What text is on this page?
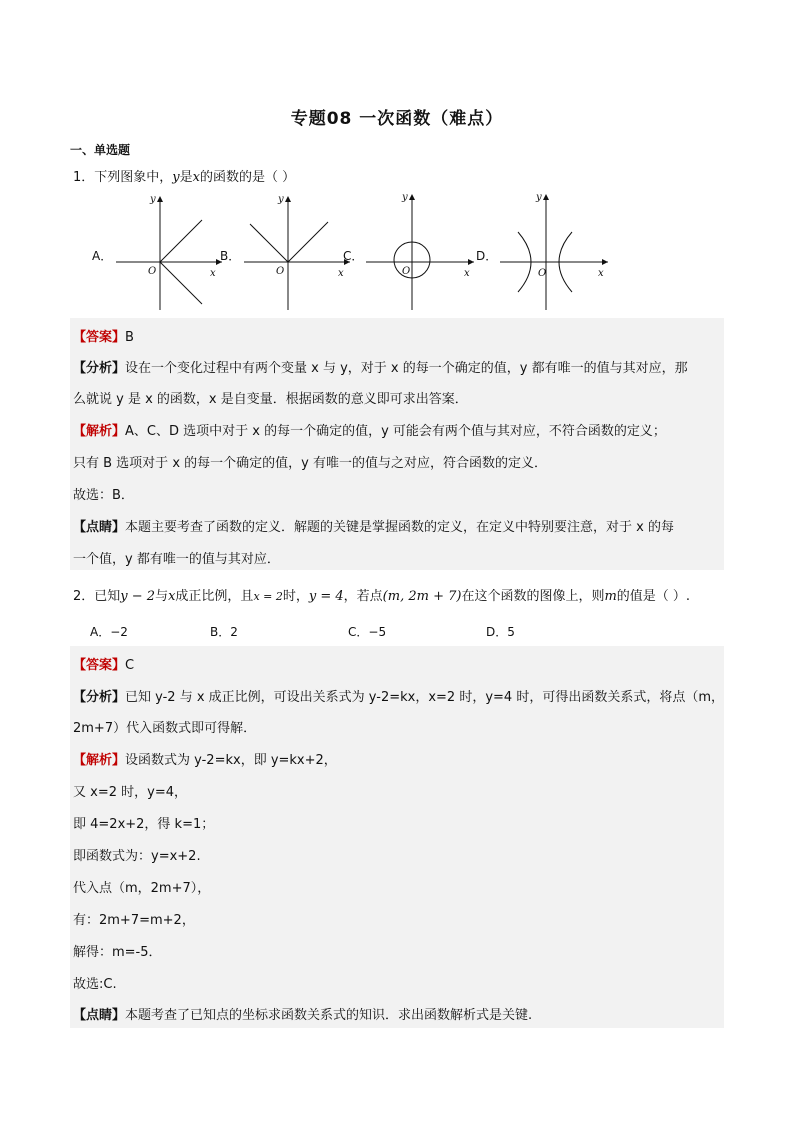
专题08 一次函数（难点）
一、单选题
1．下列图象中，y是x的函数的是（ ）
A．
y
x
O
B．
y
x
O
C．
y
x
O
D．
y
x
O
【答案】B
【分析】设在一个变化过程中有两个变量 x 与 y，对于 x 的每一个确定的值，y 都有唯一的值与其对应，那
么就说 y 是 x 的函数，x 是自变量．根据函数的意义即可求出答案．
【解析】A、C、D 选项中对于 x 的每一个确定的值，y 可能会有两个值与其对应，不符合函数的定义；
只有 B 选项对于 x 的每一个确定的值，y 有唯一的值与之对应，符合函数的定义．
故选：B．
【点睛】本题主要考查了函数的定义．解题的关键是掌握函数的定义，在定义中特别要注意，对于 x 的每
一个值，y 都有唯一的值与其对应．
2．已知y − 2与x成正比例，且x = 2时，y = 4，若点(m, 2m + 7)在这个函数的图像上，则m的值是（ ）.
A．−2	B．2	C．−5	D．5
【答案】C
【分析】已知 y-2 与 x 成正比例，可设出关系式为 y-2=kx，x=2 时，y=4 时，可得出函数关系式，将点（m，
2m+7）代入函数式即可得解．
【解析】设函数式为 y-2=kx，即 y=kx+2，
又 x=2 时，y=4，
即 4=2x+2，得 k=1；
即函数式为：y=x+2.
代入点（m，2m+7），
有：2m+7=m+2，
解得：m=-5．
故选:C.
【点睛】本题考查了已知点的坐标求函数关系式的知识．求出函数解析式是关键.
